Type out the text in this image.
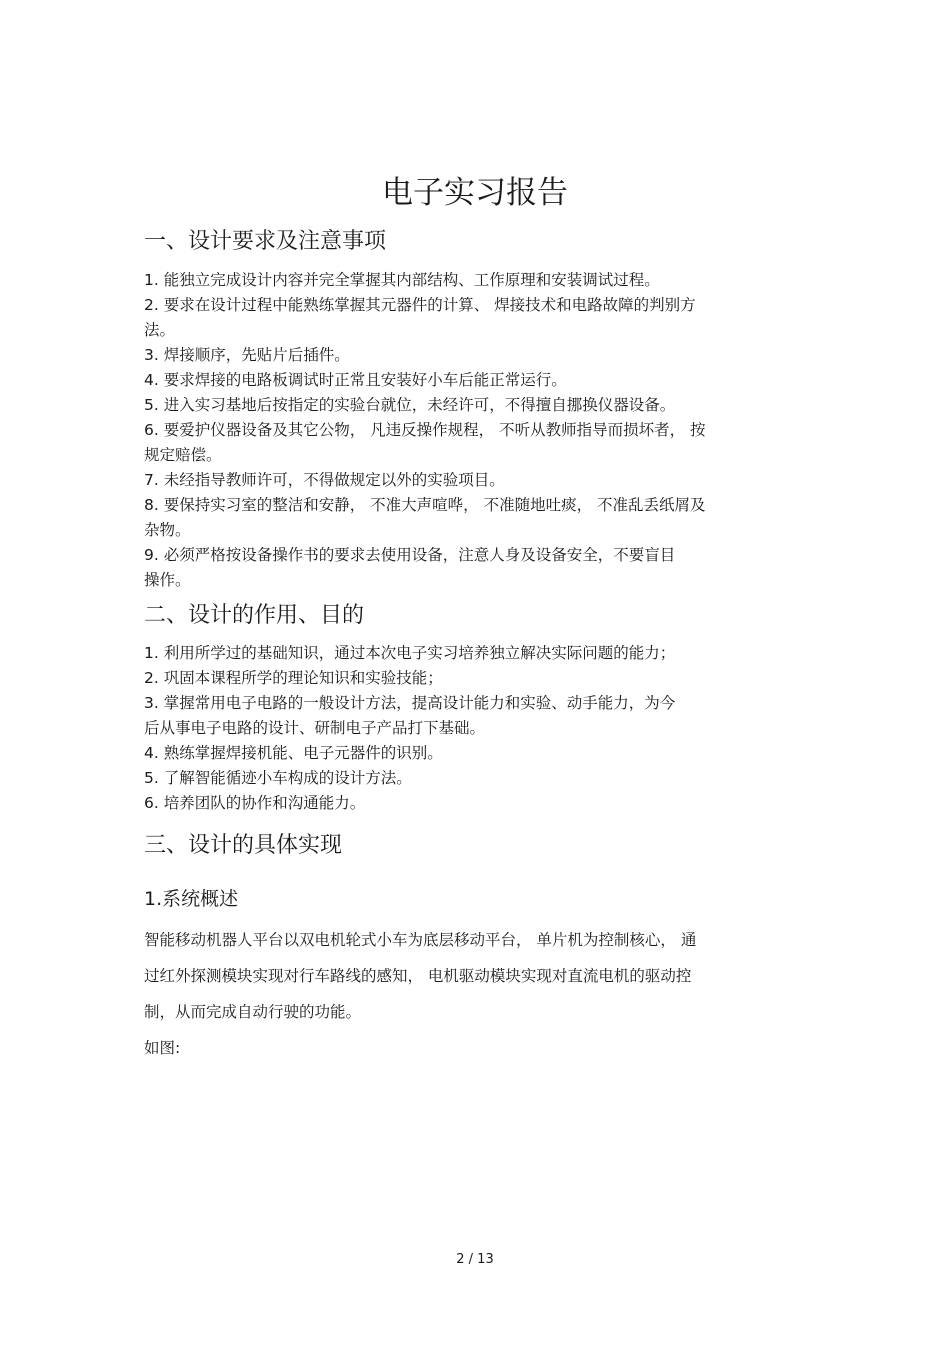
电子实习报告
一、设计要求及注意事项

1. 能独立完成设计内容并完全掌握其内部结构、工作原理和安装调试过程。

2. 要求在设计过程中能熟练掌握其元器件的计算、 焊接技术和电路故障的判别方

法。

3. 焊接顺序，先贴片后插件。

4. 要求焊接的电路板调试时正常且安装好小车后能正常运行。

5. 进入实习基地后按指定的实验台就位，未经许可，不得擅自挪换仪器设备。

6. 要爱护仪器设备及其它公物， 凡违反操作规程， 不听从教师指导而损坏者， 按

规定赔偿。

7. 未经指导教师许可，不得做规定以外的实验项目。

8. 要保持实习室的整洁和安静， 不准大声喧哗， 不准随地吐痰， 不准乱丢纸屑及

杂物。

9. 必须严格按设备操作书的要求去使用设备，注意人身及设备安全，不要盲目

操作。

二、设计的作用、目的

1. 利用所学过的基础知识，通过本次电子实习培养独立解决实际问题的能力；

2. 巩固本课程所学的理论知识和实验技能；

3. 掌握常用电子电路的一般设计方法，提高设计能力和实验、动手能力，为今

后从事电子电路的设计、研制电子产品打下基础。

4. 熟练掌握焊接机能、电子元器件的识别。

5. 了解智能循迹小车构成的设计方法。

6. 培养团队的协作和沟通能力。

三、设计的具体实现
1.系统概述

智能移动机器人平台以双电机轮式小车为底层移动平台， 单片机为控制核心， 通

过红外探测模块实现对行车路线的感知， 电机驱动模块实现对直流电机的驱动控

制，从而完成自动行驶的功能。

如图:

2 / 13
